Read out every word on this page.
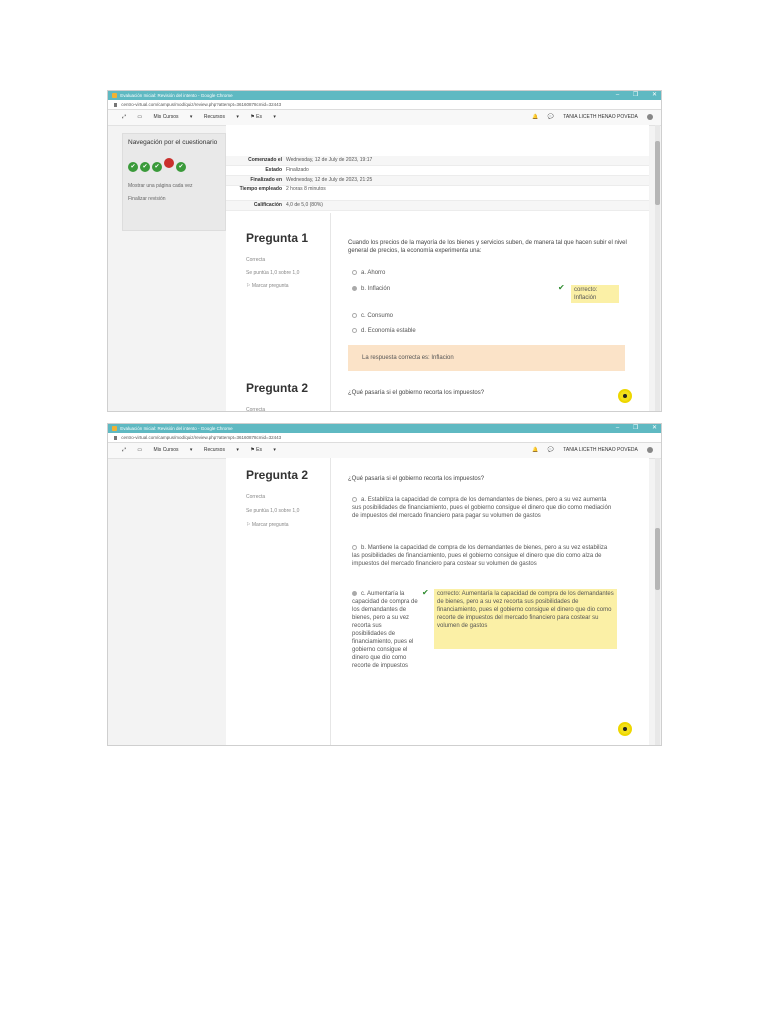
Evaluación Inicial: Revisión del intento - Google Chrome	– ❐ ✕
centro-virtual.com/campus/mod/quiz/review.php?attempt=36160878cmid=32443
⤢ ▭ Mis Cursos ▾ Recursos ▾ ⚑ Es ▾	🔔 💬 TANIA LICETH HENAO POVEDA
Navegación por el cuestionario
✔ ✔ ✔	✔
Mostrar una página cada vez
Finalizar revisión
Comenzado el Wednesday, 12 de July de 2023, 19:17
Estado Finalizado
Finalizado en Wednesday, 12 de July de 2023, 21:25
Tiempo empleado 2 horas 8 minutos
Calificación 4,0 de 5,0 (80%)
Pregunta 1
Correcta
Se puntúa 1,0 sobre 1,0
⚐ Marcar pregunta
Cuando los precios de la mayoría de los bienes y servicios suben, de manera tal que hacen subir el nivel general de precios, la economía experimenta una:
a. Ahorro
b. Inflación	✔	correcto: Inflación
c. Consumo
d. Economía estable
La respuesta correcta es: Inflacion
Pregunta 2	¿Qué pasaría si el gobierno recorta los impuestos?
Correcta
Evaluación Inicial: Revisión del intento - Google Chrome	– ❐ ✕
centro-virtual.com/campus/mod/quiz/review.php?attempt=36160878cmid=32443
⤢ ▭ Mis Cursos ▾ Recursos ▾ ⚑ Es ▾	🔔 💬 TANIA LICETH HENAO POVEDA
Pregunta 2
Correcta
Se puntúa 1,0 sobre 1,0
⚐ Marcar pregunta
¿Qué pasaría si el gobierno recorta los impuestos?
a. Estabiliza la capacidad de compra de los demandantes de bienes, pero a su vez aumenta sus posibilidades de financiamiento, pues el gobierno consigue el dinero que dio como mediación de impuestos del mercado financiero para pagar su volumen de gastos
b. Mantiene la capacidad de compra de los demandantes de bienes, pero a su vez estabiliza las posibilidades de financiamiento, pues el gobierno consigue el dinero que dio como alza de impuestos del mercado financiero para costear su volumen de gastos
c. Aumentaría la capacidad de compra de los demandantes de bienes, pero a su vez recorta sus posibilidades de financiamiento, pues el gobierno consigue el dinero que dio como recorte de impuestos
✔	correcto: Aumentaría la capacidad de compra de los demandantes de bienes, pero a su vez recorta sus posibilidades de financiamiento, pues el gobierno consigue el dinero que dio como recorte de impuestos del mercado financiero para costear su volumen de gastos
